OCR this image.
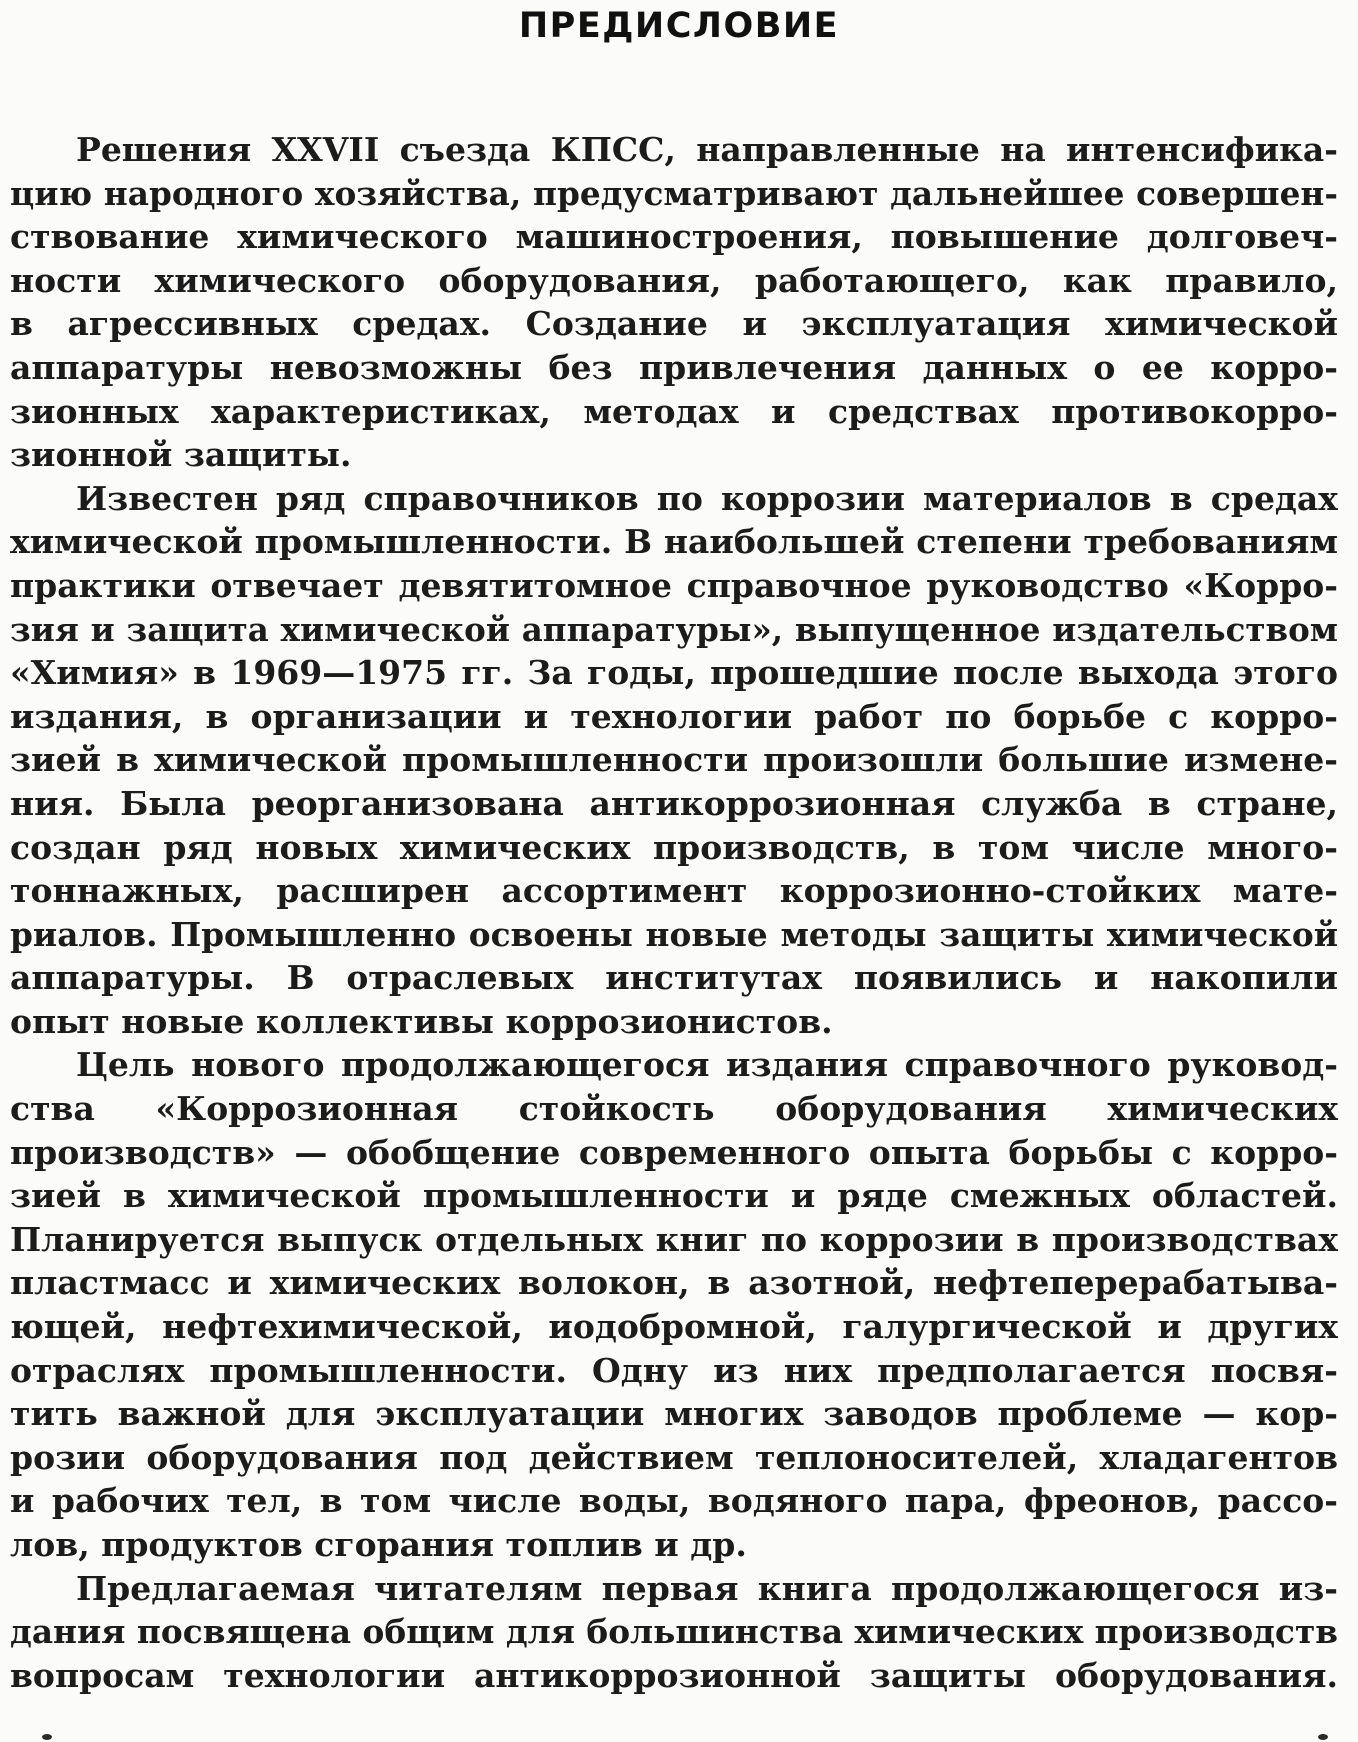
ПРЕДИСЛОВИЕ
Решения XXVII съезда КПСС, направленные на интенсифика-
цию народного хозяйства, предусматривают дальнейшее совершен-
ствование химического машиностроения, повышение долговеч-
ности химического оборудования, работающего, как правило,
в агрессивных средах. Создание и эксплуатация химической
аппаратуры невозможны без привлечения данных о ее корро-
зионных характеристиках, методах и средствах противокорро-
зионной защиты.
Известен ряд справочников по коррозии материалов в средах
химической промышленности. В наибольшей степени требованиям
практики отвечает девятитомное справочное руководство «Корро-
зия и защита химической аппаратуры», выпущенное издательством
«Химия» в 1969—1975 гг. За годы, прошедшие после выхода этого
издания, в организации и технологии работ по борьбе с корро-
зией в химической промышленности произошли большие измене-
ния. Была реорганизована антикоррозионная служба в стране,
создан ряд новых химических производств, в том числе много-
тоннажных, расширен ассортимент коррозионно-стойких мате-
риалов. Промышленно освоены новые методы защиты химической
аппаратуры. В отраслевых институтах появились и накопили
опыт новые коллективы коррозионистов.
Цель нового продолжающегося издания справочного руковод-
ства «Коррозионная стойкость оборудования химических
производств» — обобщение современного опыта борьбы с корро-
зией в химической промышленности и ряде смежных областей.
Планируется выпуск отдельных книг по коррозии в производствах
пластмасс и химических волокон, в азотной, нефтеперерабатыва-
ющей, нефтехимической, иодобромной, галургической и других
отраслях промышленности. Одну из них предполагается посвя-
тить важной для эксплуатации многих заводов проблеме — кор-
розии оборудования под действием теплоносителей, хладагентов
и рабочих тел, в том числе воды, водяного пара, фреонов, рассо-
лов, продуктов сгорания топлив и др.
Предлагаемая читателям первая книга продолжающегося из-
дания посвящена общим для большинства химических производств
вопросам технологии антикоррозионной защиты оборудования.
